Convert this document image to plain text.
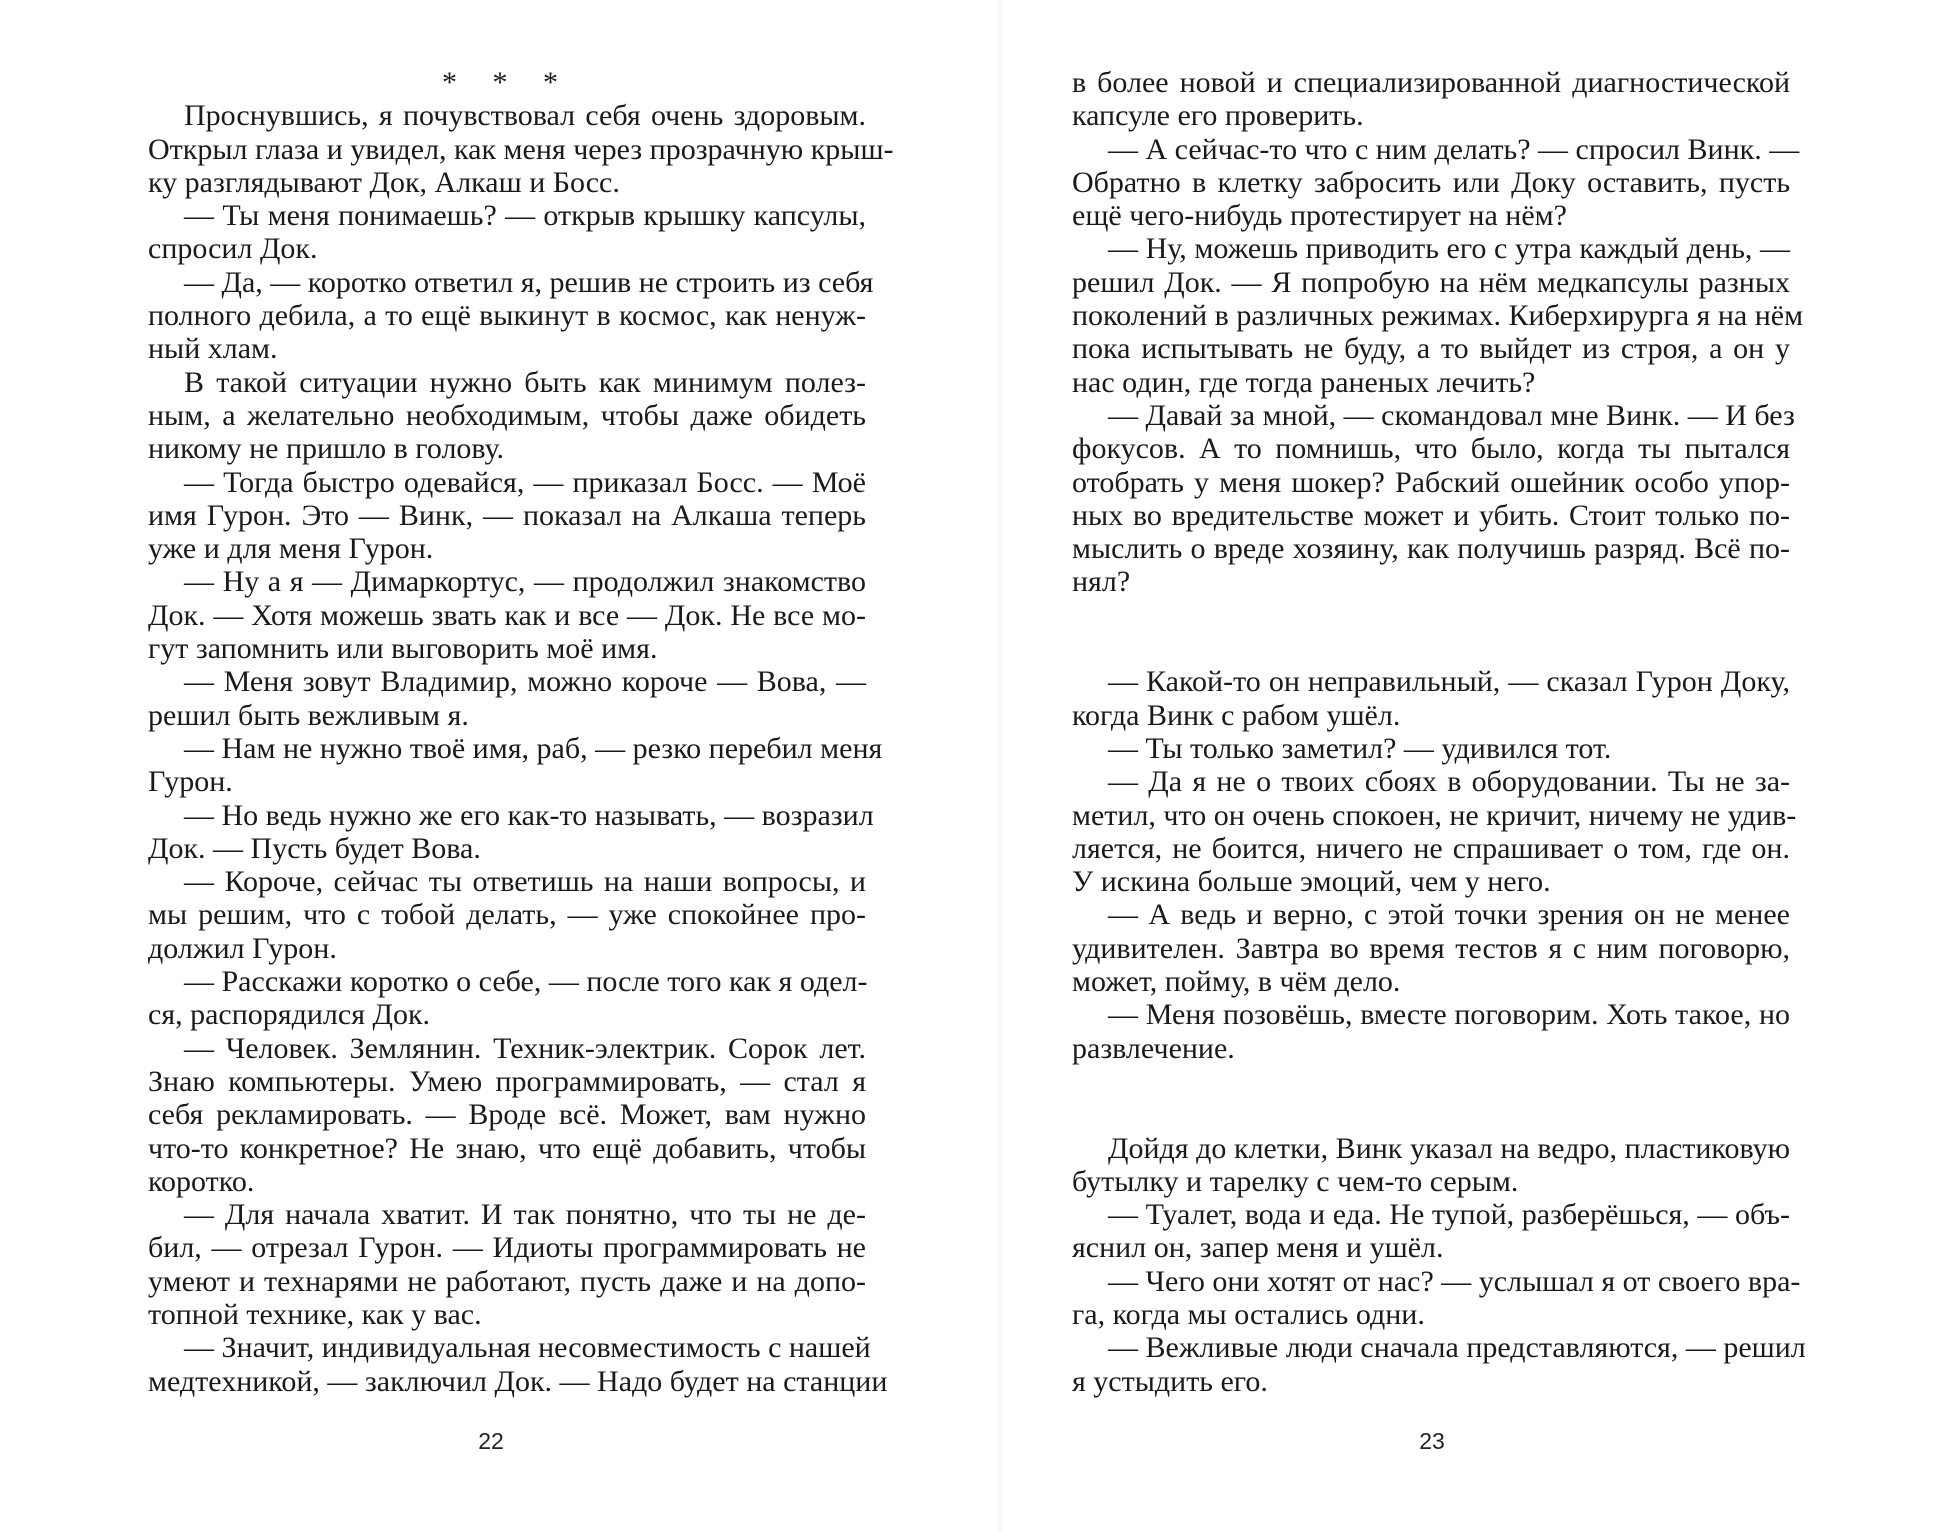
* * *
Проснувшись, я почувствовал себя очень здоровым.
Открыл глаза и увидел, как меня через прозрачную крыш-
ку разглядывают Док, Алкаш и Босс.
— Ты меня понимаешь? — открыв крышку капсулы,
спросил Док.
— Да, — коротко ответил я, решив не строить из себя
полного дебила, а то ещё выкинут в космос, как ненуж-
ный хлам.
В такой ситуации нужно быть как минимум полез-
ным, а желательно необходимым, чтобы даже обидеть
никому не пришло в голову.
— Тогда быстро одевайся, — приказал Босс. — Моё
имя Гурон. Это — Винк, — показал на Алкаша теперь
уже и для меня Гурон.
— Ну а я — Димаркортус, — продолжил знакомство
Док. — Хотя можешь звать как и все — Док. Не все мо-
гут запомнить или выговорить моё имя.
— Меня зовут Владимир, можно короче — Вова, —
решил быть вежливым я.
— Нам не нужно твоё имя, раб, — резко перебил меня
Гурон.
— Но ведь нужно же его как-то называть, — возразил
Док. — Пусть будет Вова.
— Короче, сейчас ты ответишь на наши вопросы, и
мы решим, что с тобой делать, — уже спокойнее про-
должил Гурон.
— Расскажи коротко о себе, — после того как я одел-
ся, распорядился Док.
— Человек. Землянин. Техник-электрик. Сорок лет.
Знаю компьютеры. Умею программировать, — стал я
себя рекламировать. — Вроде всё. Может, вам нужно
что-то конкретное? Не знаю, что ещё добавить, чтобы
коротко.
— Для начала хватит. И так понятно, что ты не де-
бил, — отрезал Гурон. — Идиоты программировать не
умеют и технарями не работают, пусть даже и на допо-
топной технике, как у вас.
— Значит, индивидуальная несовместимость с нашей
медтехникой, — заключил Док. — Надо будет на станции
22
в более новой и специализированной диагностической
капсуле его проверить.
— А сейчас-то что с ним делать? — спросил Винк. —
Обратно в клетку забросить или Доку оставить, пусть
ещё чего-нибудь протестирует на нём?
— Ну, можешь приводить его с утра каждый день, —
решил Док. — Я попробую на нём медкапсулы разных
поколений в различных режимах. Киберхирурга я на нём
пока испытывать не буду, а то выйдет из строя, а он у
нас один, где тогда раненых лечить?
— Давай за мной, — скомандовал мне Винк. — И без
фокусов. А то помнишь, что было, когда ты пытался
отобрать у меня шокер? Рабский ошейник особо упор-
ных во вредительстве может и убить. Стоит только по-
мыслить о вреде хозяину, как получишь разряд. Всё по-
нял?
— Какой-то он неправильный, — сказал Гурон Доку,
когда Винк с рабом ушёл.
— Ты только заметил? — удивился тот.
— Да я не о твоих сбоях в оборудовании. Ты не за-
метил, что он очень спокоен, не кричит, ничему не удив-
ляется, не боится, ничего не спрашивает о том, где он.
У искина больше эмоций, чем у него.
— А ведь и верно, с этой точки зрения он не менее
удивителен. Завтра во время тестов я с ним поговорю,
может, пойму, в чём дело.
— Меня позовёшь, вместе поговорим. Хоть такое, но
развлечение.
Дойдя до клетки, Винк указал на ведро, пластиковую
бутылку и тарелку с чем-то серым.
— Туалет, вода и еда. Не тупой, разберёшься, — объ-
яснил он, запер меня и ушёл.
— Чего они хотят от нас? — услышал я от своего вра-
га, когда мы остались одни.
— Вежливые люди сначала представляются, — решил
я устыдить его.
23
